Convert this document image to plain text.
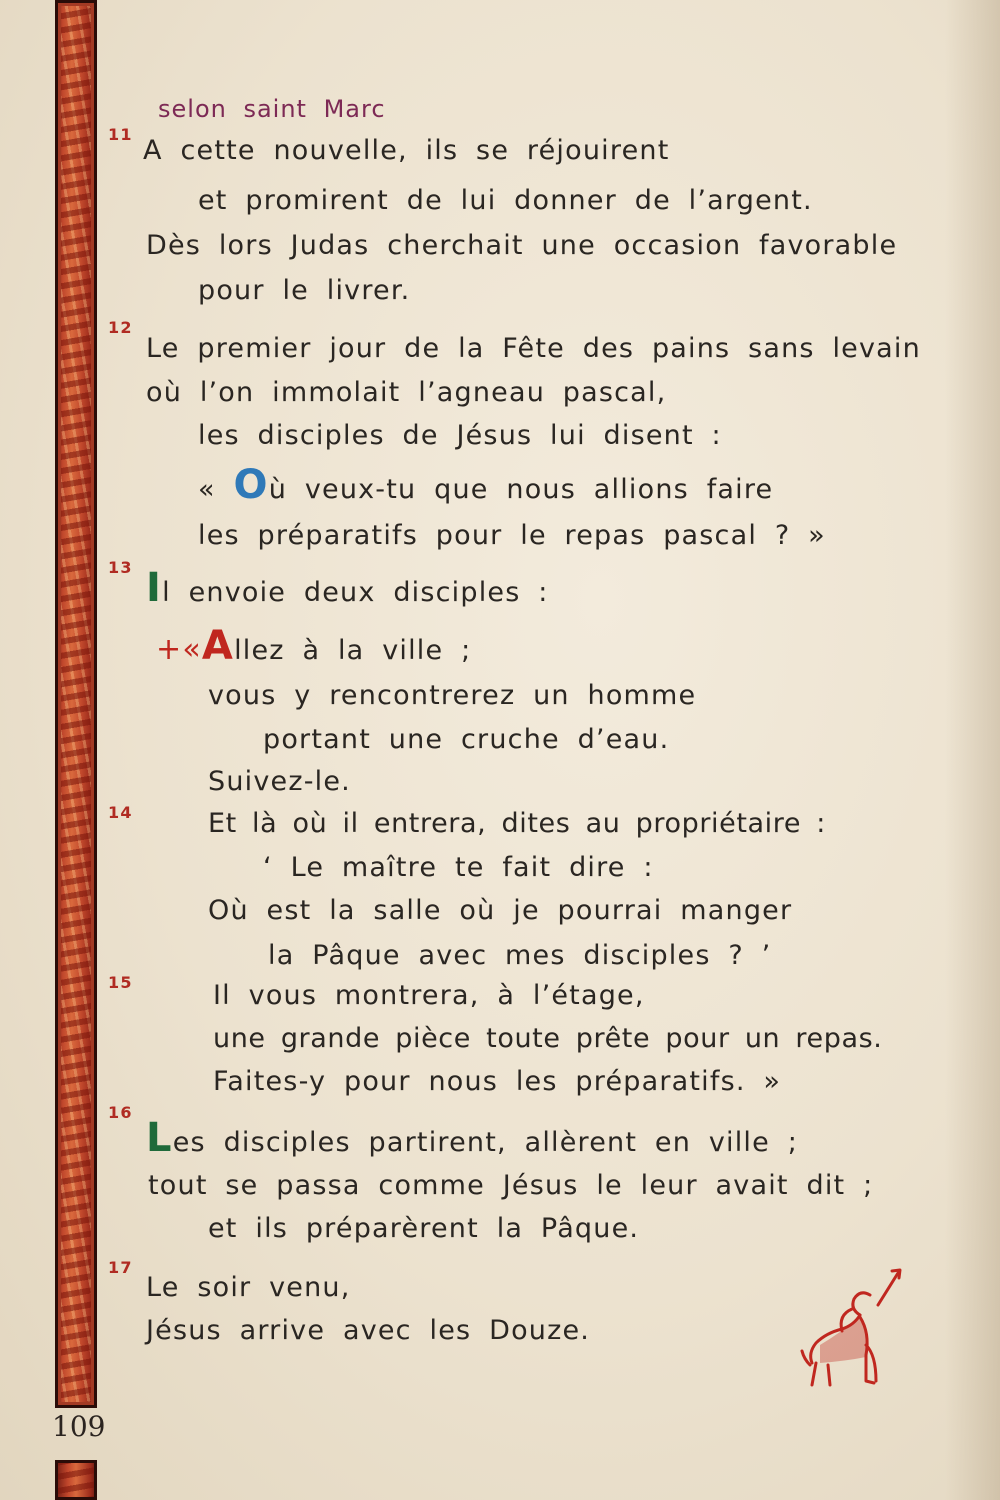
109
selon saint Marc
11
A cette nouvelle, ils se réjouirent
et promirent de lui donner de l’argent.
Dès lors Judas cherchait une occasion favorable
pour le livrer.
12
Le premier jour de la Fête des pains sans levain
où l’on immolait l’agneau pascal,
les disciples de Jésus lui disent :
« Où veux-tu que nous allions faire
les préparatifs pour le repas pascal ? »
13 Il envoie deux disciples :
+«Allez à la ville ;
vous y rencontrerez un homme
portant une cruche d’eau.
Suivez-le.
14	Et là où il entrera, dites au propriétaire :
‘ Le maître te fait dire :
Où est la salle où je pourrai manger
la Pâque avec mes disciples ? ’
15	Il vous montrera, à l’étage,
une grande pièce toute prête pour un repas.
Faites-y pour nous les préparatifs. »
16
Les disciples partirent, allèrent en ville ;
tout se passa comme Jésus le leur avait dit ;
et ils préparèrent la Pâque.
17
Le soir venu,
Jésus arrive avec les Douze.
